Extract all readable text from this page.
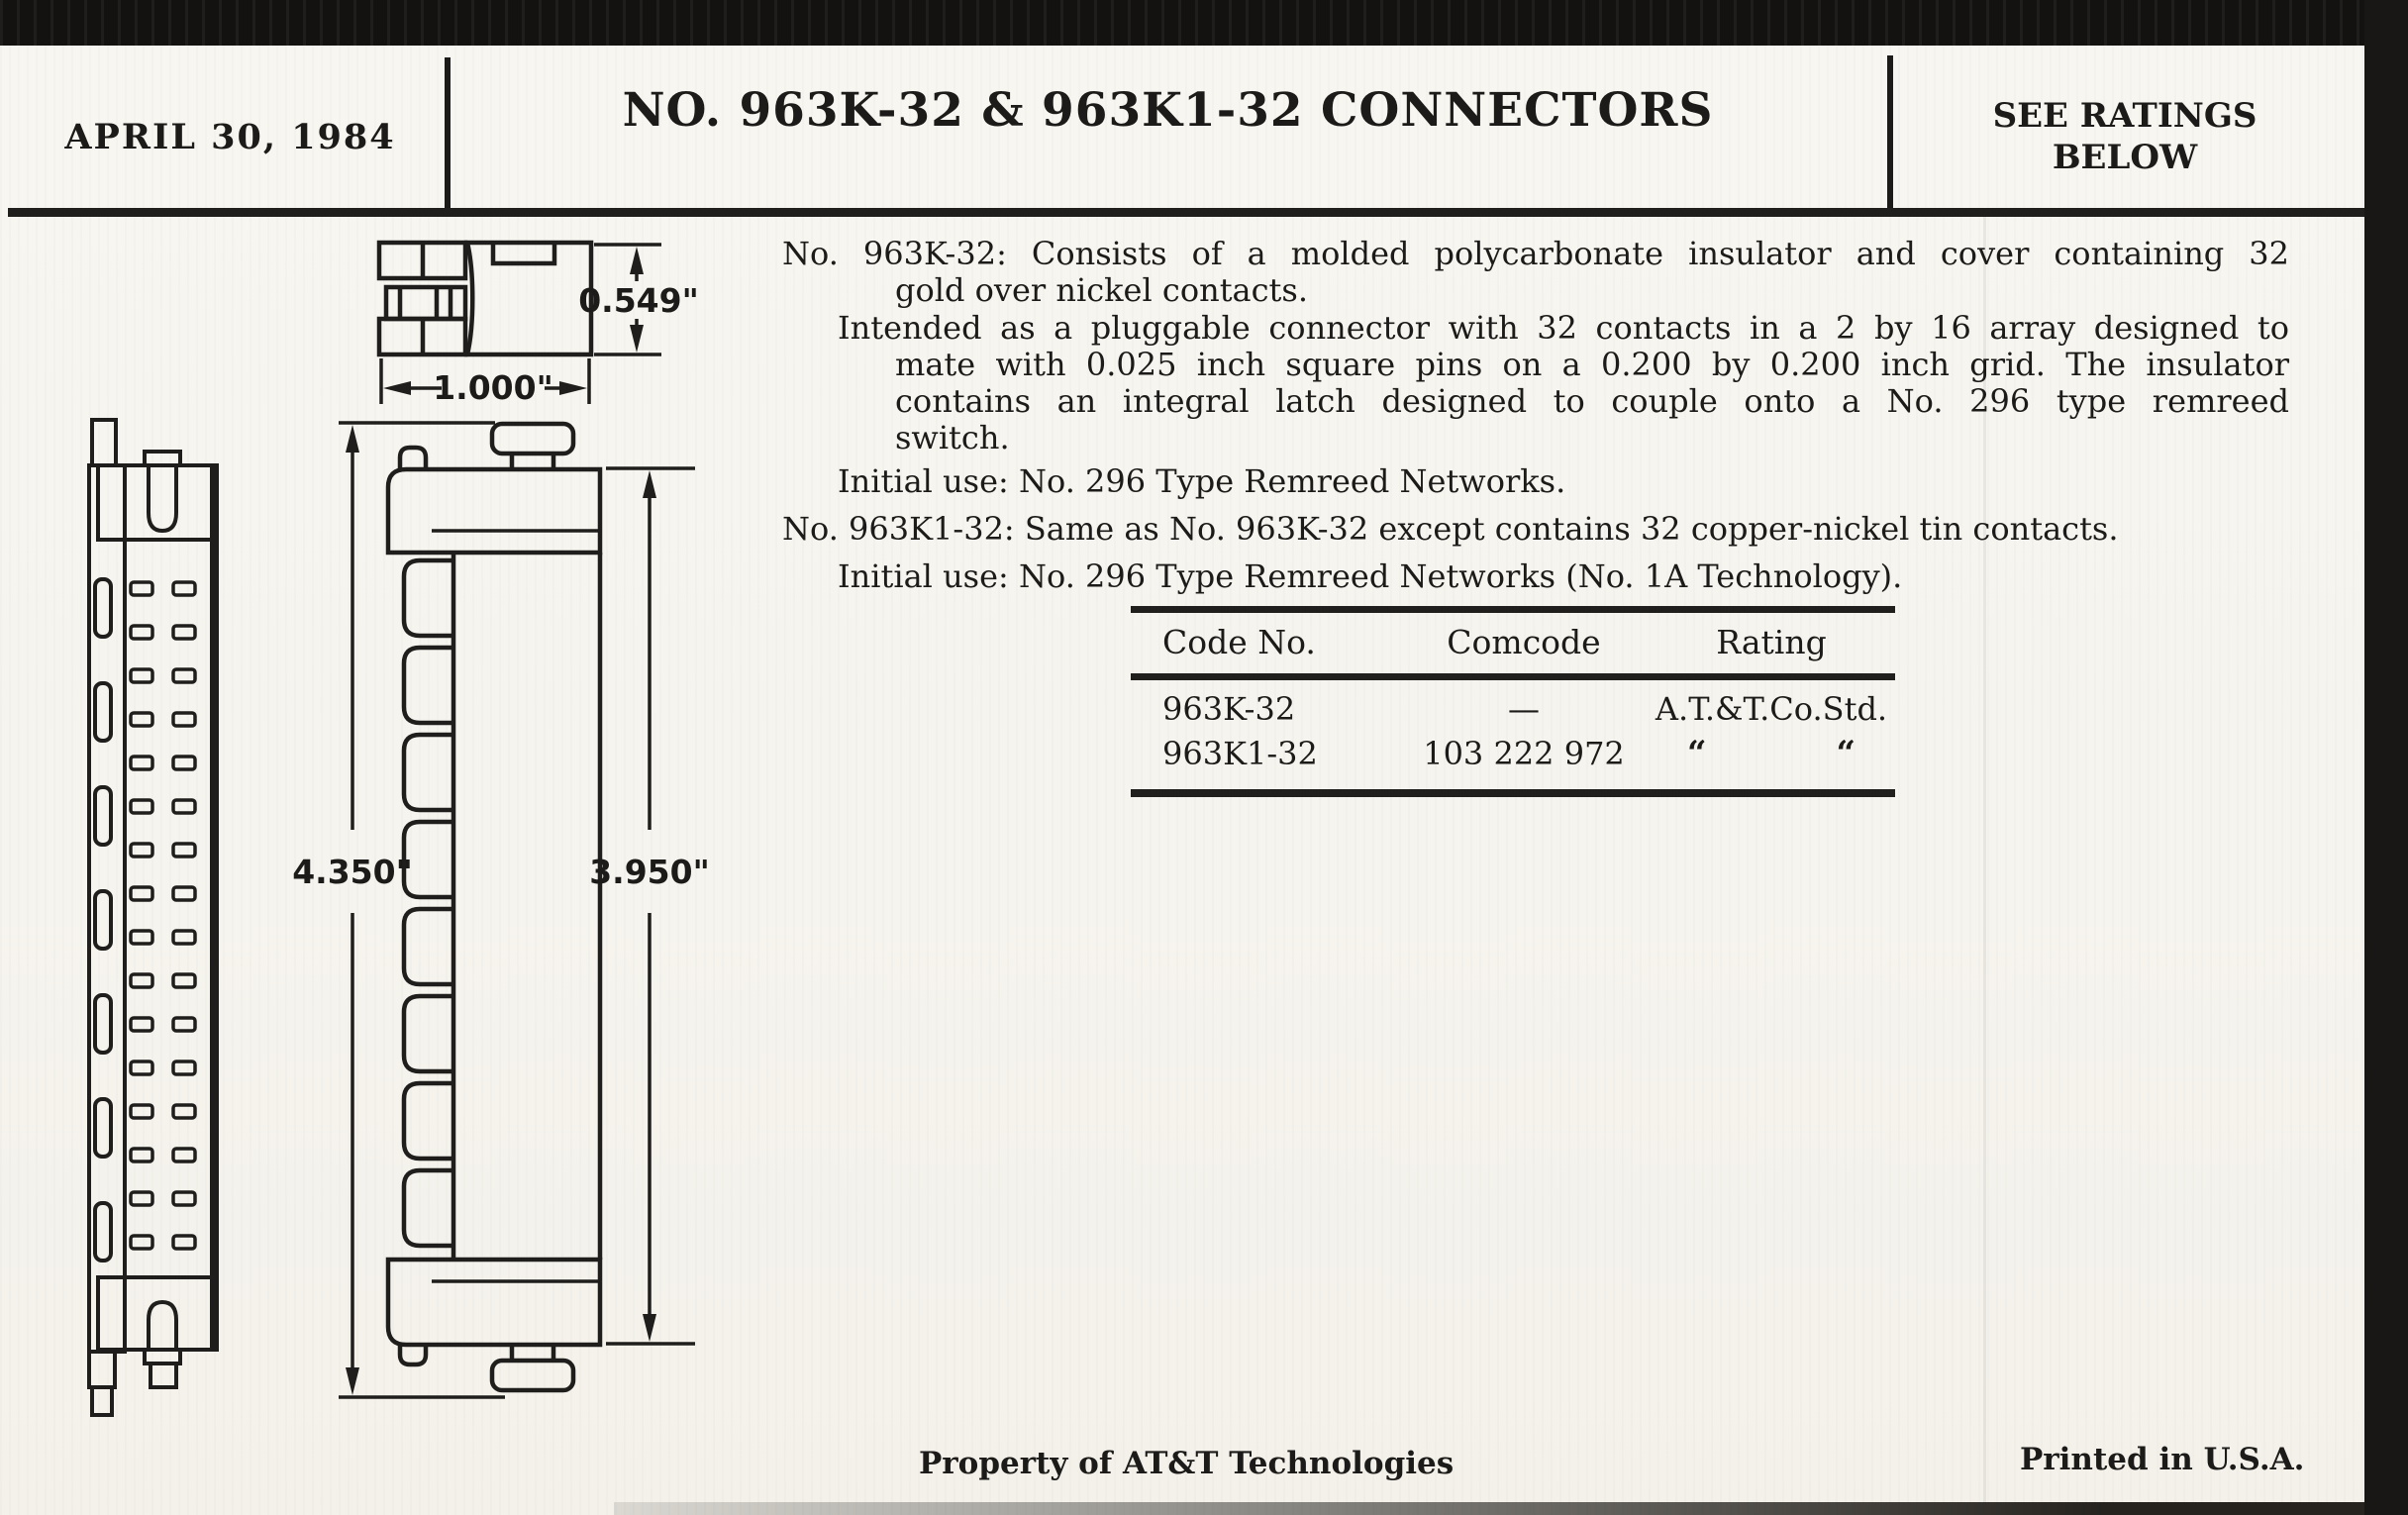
0.549"
1.000"
4.350"	3.950"
APRIL 30, 1984	NO. 963K-32 & 963K1-32 CONNECTORS	SEE RATINGS
BELOW
No. 963K-32: Consists of a molded polycarbonate insulator and cover containing 32
gold over nickel contacts.
Intended as a pluggable connector with 32 contacts in a 2 by 16 array designed to
mate with 0.025 inch square pins on a 0.200 by 0.200 inch grid. The insulator
contains an integral latch designed to couple onto a No. 296 type remreed
switch.
Initial use: No. 296 Type Remreed Networks.
No. 963K1-32: Same as No. 963K-32 except contains 32 copper-nickel tin contacts.
Initial use: No. 296 Type Remreed Networks (No. 1A Technology).
Code No.	Comcode	Rating
963K-32	—	A.T.&T.Co.Std.
963K1-32	103 222 972	“	“
Property of AT&T Technologies	Printed in U.S.A.
